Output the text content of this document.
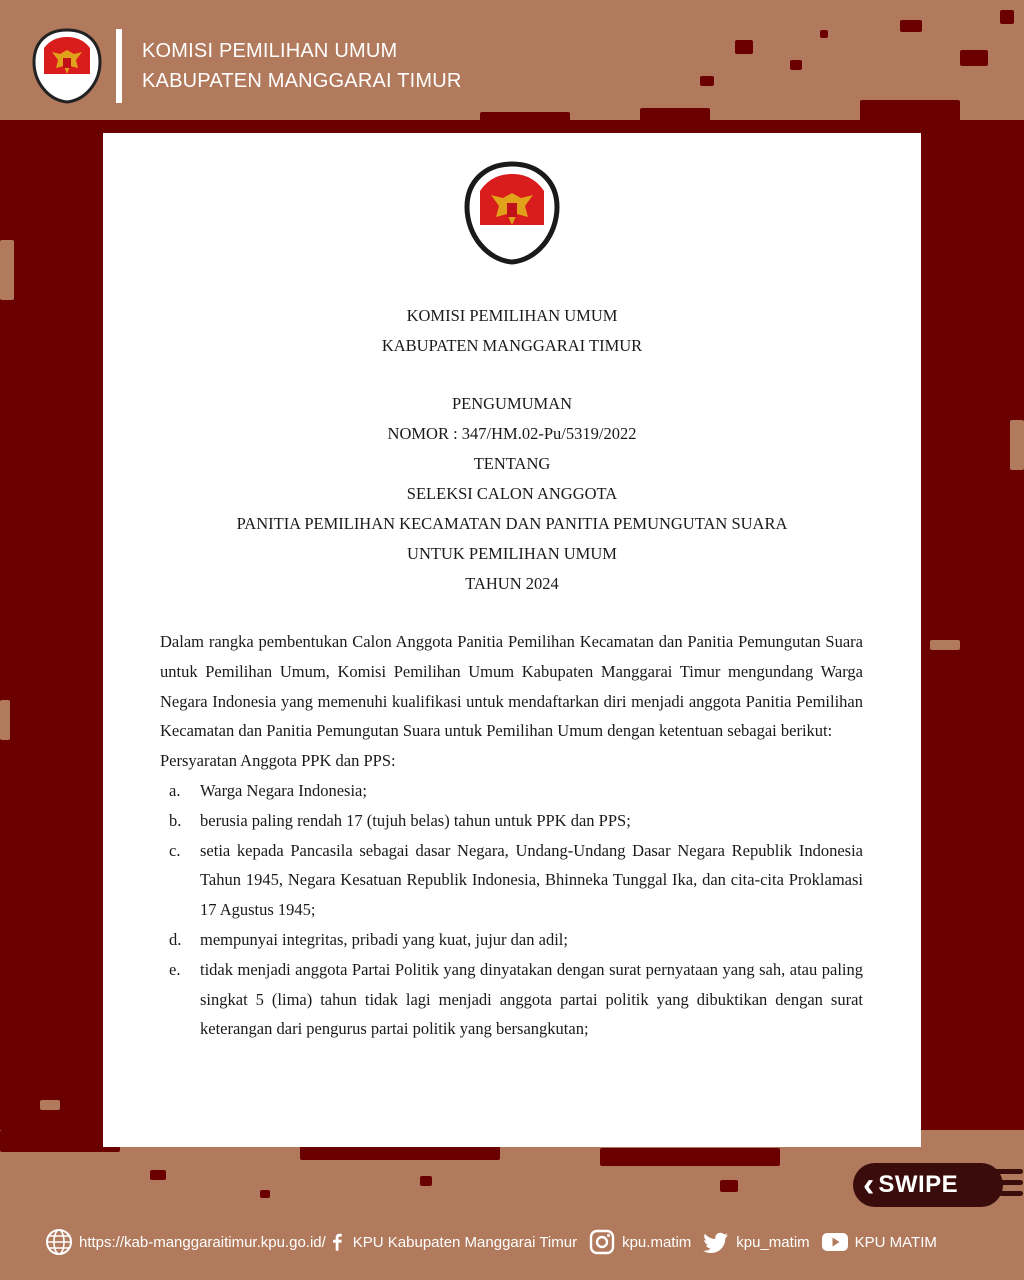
KOMISI PEMILIHAN UMUM
KABUPATEN MANGGARAI TIMUR
KOMISI PEMILIHAN UMUM
KABUPATEN MANGGARAI TIMUR
PENGUMUMAN
NOMOR : 347/HM.02-Pu/5319/2022
TENTANG
SELEKSI CALON ANGGOTA
PANITIA PEMILIHAN KECAMATAN DAN PANITIA PEMUNGUTAN SUARA
UNTUK PEMILIHAN UMUM
TAHUN 2024

Dalam rangka pembentukan Calon Anggota Panitia Pemilihan Kecamatan dan Panitia Pemungutan Suara untuk Pemilihan Umum, Komisi Pemilihan Umum Kabupaten Manggarai Timur mengundang Warga Negara Indonesia yang memenuhi kualifikasi untuk mendaftarkan diri menjadi anggota Panitia Pemilihan Kecamatan dan Panitia Pemungutan Suara untuk Pemilihan Umum dengan ketentuan sebagai berikut:

Persyaratan Anggota PPK dan PPS:

a.	Warga Negara Indonesia;
b.	berusia paling rendah 17 (tujuh belas) tahun untuk PPK dan PPS;
c.	setia kepada Pancasila sebagai dasar Negara, Undang-Undang Dasar Negara Republik Indonesia Tahun 1945, Negara Kesatuan Republik Indonesia, Bhinneka Tunggal Ika, dan cita-cita Proklamasi 17 Agustus 1945;
d.	mempunyai integritas, pribadi yang kuat, jujur dan adil;
e.	tidak menjadi anggota Partai Politik yang dinyatakan dengan surat pernyataan yang sah, atau paling singkat 5 (lima) tahun tidak lagi menjadi anggota partai politik yang dibuktikan dengan surat keterangan dari pengurus partai politik yang bersangkutan;
‹ SWIPE
https://kab-manggaraitimur.kpu.go.id/ KPU Kabupaten Manggarai Timur	kpu.matim	kpu_matim	KPU MATIM
